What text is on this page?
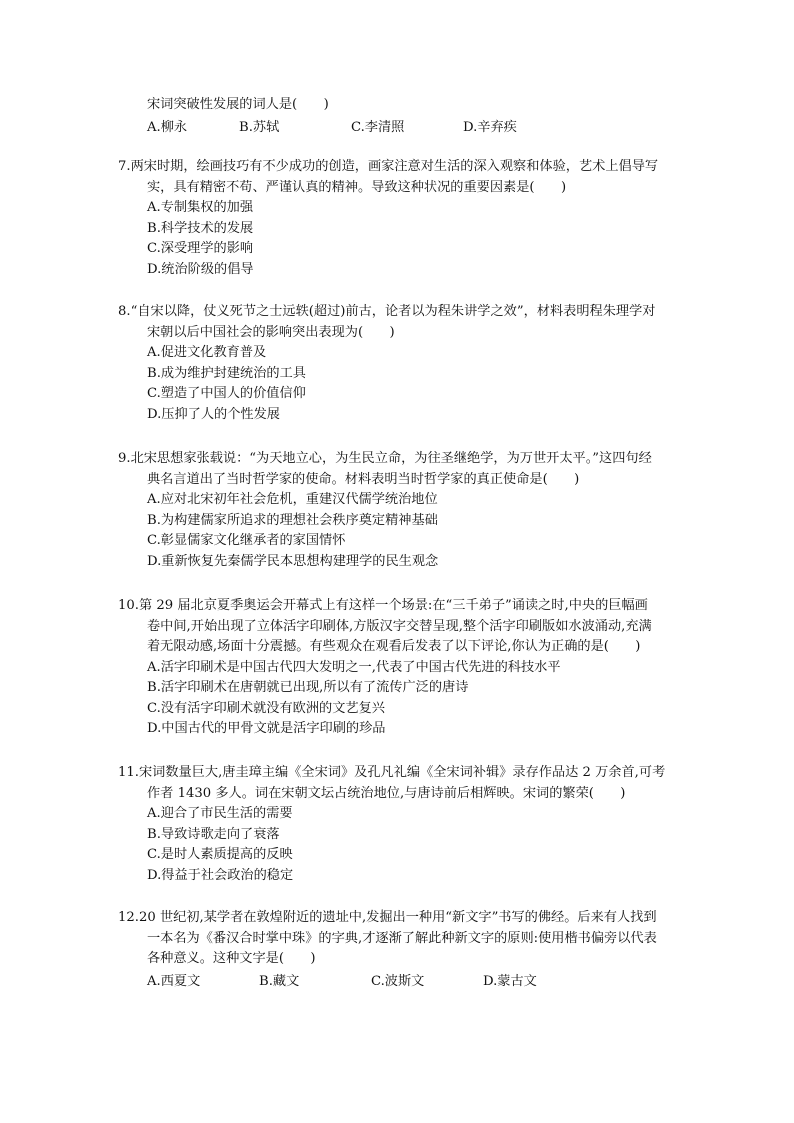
宋词突破性发展的词人是(　　)
A.柳永	B.苏轼	C.李清照	D.辛弃疾
7.两宋时期，绘画技巧有不少成功的创造，画家注意对生活的深入观察和体验，艺术上倡导写
实，具有精密不苟、严谨认真的精神。导致这种状况的重要因素是(　　)
A.专制集权的加强
B.科学技术的发展
C.深受理学的影响
D.统治阶级的倡导
8.“自宋以降，仗义死节之士远轶(超过)前古，论者以为程朱讲学之效”，材料表明程朱理学对
宋朝以后中国社会的影响突出表现为(　　)
A.促进文化教育普及
B.成为维护封建统治的工具
C.塑造了中国人的价值信仰
D.压抑了人的个性发展
9.北宋思想家张载说：“为天地立心，为生民立命，为往圣继绝学，为万世开太平。”这四句经
典名言道出了当时哲学家的使命。材料表明当时哲学家的真正使命是(　　)
A.应对北宋初年社会危机，重建汉代儒学统治地位
B.为构建儒家所追求的理想社会秩序奠定精神基础
C.彰显儒家文化继承者的家国情怀
D.重新恢复先秦儒学民本思想构建理学的民生观念
10.第 29 届北京夏季奥运会开幕式上有这样一个场景:在“三千弟子”诵读之时,中央的巨幅画
卷中间,开始出现了立体活字印刷体,方版汉字交替呈现,整个活字印刷版如水波涌动,充满
着无限动感,场面十分震撼。有些观众在观看后发表了以下评论,你认为正确的是(　　)
A.活字印刷术是中国古代四大发明之一,代表了中国古代先进的科技水平
B.活字印刷术在唐朝就已出现,所以有了流传广泛的唐诗
C.没有活字印刷术就没有欧洲的文艺复兴
D.中国古代的甲骨文就是活字印刷的珍品
11.宋词数量巨大,唐圭璋主编《全宋词》及孔凡礼编《全宋词补辑》录存作品达 2 万余首,可考
作者 1430 多人。词在宋朝文坛占统治地位,与唐诗前后相辉映。宋词的繁荣(　　)
A.迎合了市民生活的需要
B.导致诗歌走向了衰落
C.是时人素质提高的反映
D.得益于社会政治的稳定
12.20 世纪初,某学者在敦煌附近的遗址中,发掘出一种用“新文字”书写的佛经。后来有人找到
一本名为《番汉合时掌中珠》的字典,才逐渐了解此种新文字的原则:使用楷书偏旁以代表
各种意义。这种文字是(　　)
A.西夏文	B.藏文	C.波斯文	D.蒙古文
